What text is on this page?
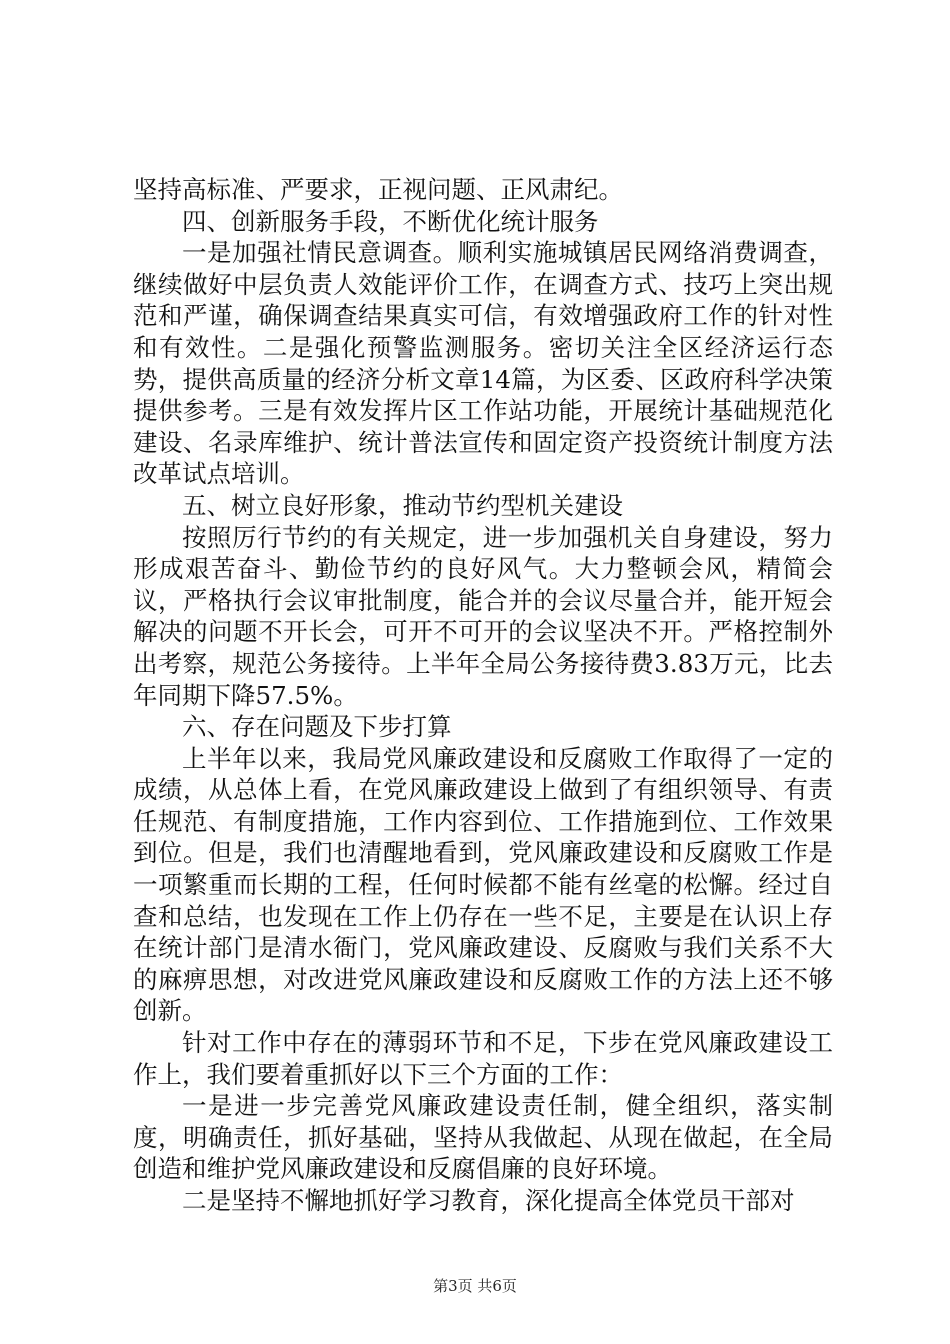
坚持高标准、严要求，正视问题、正风肃纪。

四、创新服务手段，不断优化统计服务

一是加强社情民意调查。顺利实施城镇居民网络消费调查，继续做好中层负责人效能评价工作，在调查方式、技巧上突出规范和严谨，确保调查结果真实可信，有效增强政府工作的针对性和有效性。二是强化预警监测服务。密切关注全区经济运行态势，提供高质量的经济分析文章14篇，为区委、区政府科学决策提供参考。三是有效发挥片区工作站功能，开展统计基础规范化建设、名录库维护、统计普法宣传和固定资产投资统计制度方法改革试点培训。

五、树立良好形象，推动节约型机关建设

按照厉行节约的有关规定，进一步加强机关自身建设，努力形成艰苦奋斗、勤俭节约的良好风气。大力整顿会风，精简会议，严格执行会议审批制度，能合并的会议尽量合并，能开短会解决的问题不开长会，可开不可开的会议坚决不开。严格控制外出考察，规范公务接待。上半年全局公务接待费3.83万元，比去年同期下降57.5%。

六、存在问题及下步打算

上半年以来，我局党风廉政建设和反腐败工作取得了一定的成绩，从总体上看，在党风廉政建设上做到了有组织领导、有责任规范、有制度措施，工作内容到位、工作措施到位、工作效果到位。但是，我们也清醒地看到，党风廉政建设和反腐败工作是一项繁重而长期的工程，任何时候都不能有丝毫的松懈。经过自查和总结，也发现在工作上仍存在一些不足，主要是在认识上存在统计部门是清水衙门，党风廉政建设、反腐败与我们关系不大的麻痹思想，对改进党风廉政建设和反腐败工作的方法上还不够创新。

针对工作中存在的薄弱环节和不足，下步在党风廉政建设工作上，我们要着重抓好以下三个方面的工作：

一是进一步完善党风廉政建设责任制，健全组织，落实制度，明确责任，抓好基础，坚持从我做起、从现在做起，在全局创造和维护党风廉政建设和反腐倡廉的良好环境。

二是坚持不懈地抓好学习教育，深化提高全体党员干部对

第3页 共6页
